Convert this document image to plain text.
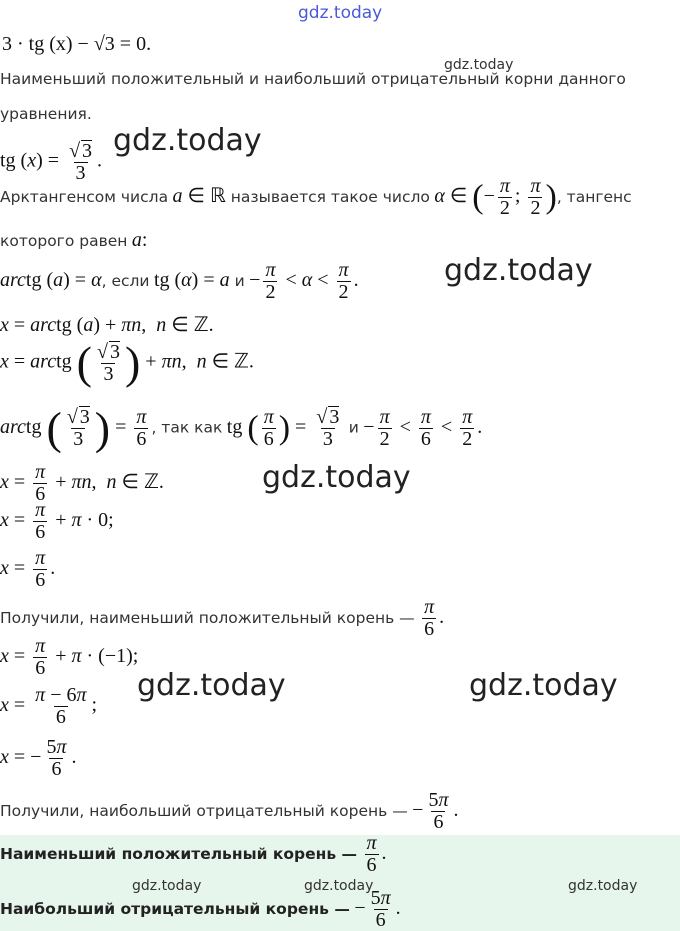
gdz.today
3 · tg (x) − √3 = 0.
gdz.today
Наименьший положительный и наибольший отрицательный корни данного
уравнения.
tg $(x) = \frac{√ 3}{3}$ .
gdz.today
Арктангенсом числа a ∈ ℝ называется такое число α ∈ (− $\frac{\pi}{2}$ ; $\frac{\pi}{2}$ ), тангенс
которого равен a:
arctg (a) = α, если tg (α) = a $и - \frac{\pi}{2} < \alpha < \frac{\pi}{2}$ .	gdz.today
x = arctg (a) + πn,  n ∈ ℤ.
x = arctg ( $\frac{√ 3}{3}$ ) + πn,  n ∈ ℤ.
arctg ( $\frac{√ 3}{3}$ ) = $\frac{\pi}{6}$ , так как tg ( $\frac{\pi}{6}$ ) = $\frac{√ 3}{3}$ $и - \frac{\pi}{2} < \frac{\pi}{6} < \frac{\pi}{2}$ .
$x = \frac{\pi}{6} + \pi n$,  n ∈ ℤ.	gdz.today
$x = \frac{\pi}{6} + \pi \cdot 0$;
$x = \frac{\pi}{6}$ .
Получили, наименьший положительный корень — $\frac{\pi}{6}$ .
$x = \frac{\pi}{6} + \pi \cdot (-1)$;
$x = \frac{\pi - 6\pi}{6}$ ;
gdz.today	gdz.today
x = − $\frac{5\pi}{6}$ .
Получили, наибольший отрицательный корень — − $\frac{5\pi}{6}$ .
Наименьший положительный корень — $\frac{\pi}{6}$ .
gdz.today	gdz.today	gdz.today
Наибольший отрицательный корень — − $\frac{5\pi}{6}$ .
